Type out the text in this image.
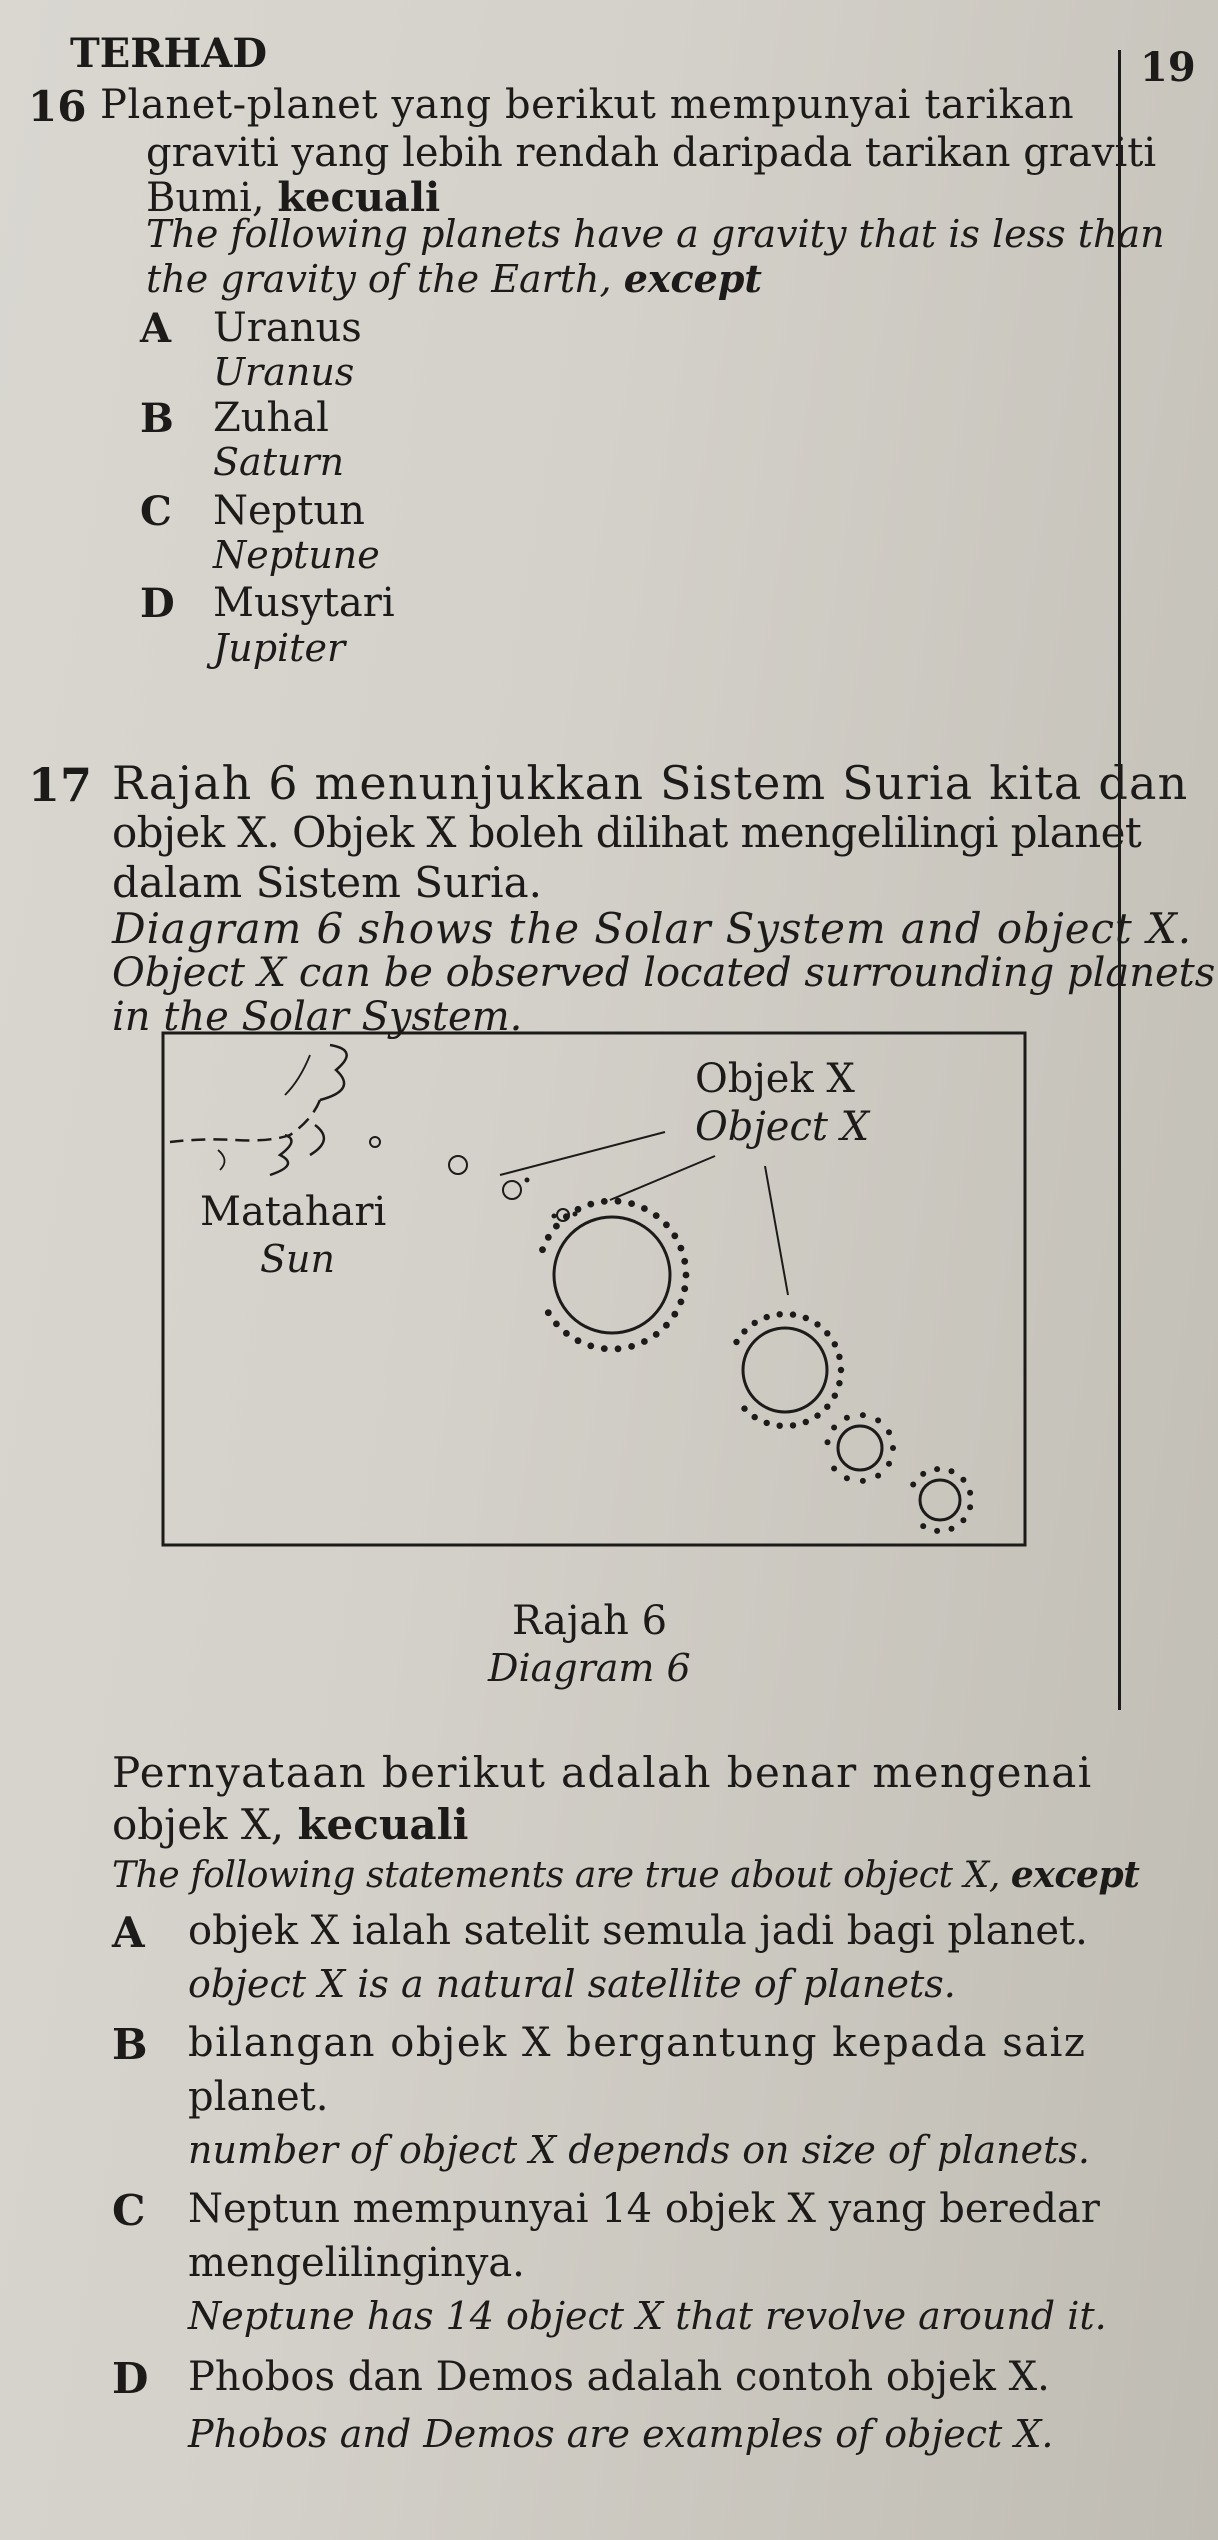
TERHAD	19
16 Planet-planet yang berikut mempunyai tarikan
graviti yang lebih rendah daripada tarikan graviti
Bumi, kecuali
The following planets have a gravity that is less than
the gravity of the Earth, except
A Uranus
Uranus
B Zuhal
Saturn
C Neptun
Neptune
D Musytari
Jupiter
17 Rajah 6 menunjukkan Sistem Suria kita dan
objek X. Objek X boleh dilihat mengelilingi planet
dalam Sistem Suria.
Diagram 6 shows the Solar System and object X.
Object X can be observed located surrounding planets
in the Solar System.
Matahari
Sun
Objek X
Object X
Rajah 6
Diagram 6
Pernyataan berikut adalah benar mengenai
objek X, kecuali
The following statements are true about object X, except
A objek X ialah satelit semula jadi bagi planet.
object X is a natural satellite of planets.
B bilangan objek X bergantung kepada saiz
planet.
number of object X depends on size of planets.
C Neptun mempunyai 14 objek X yang beredar
mengelilinginya.
Neptune has 14 object X that revolve around it.
D Phobos dan Demos adalah contoh objek X.
Phobos and Demos are examples of object X.
